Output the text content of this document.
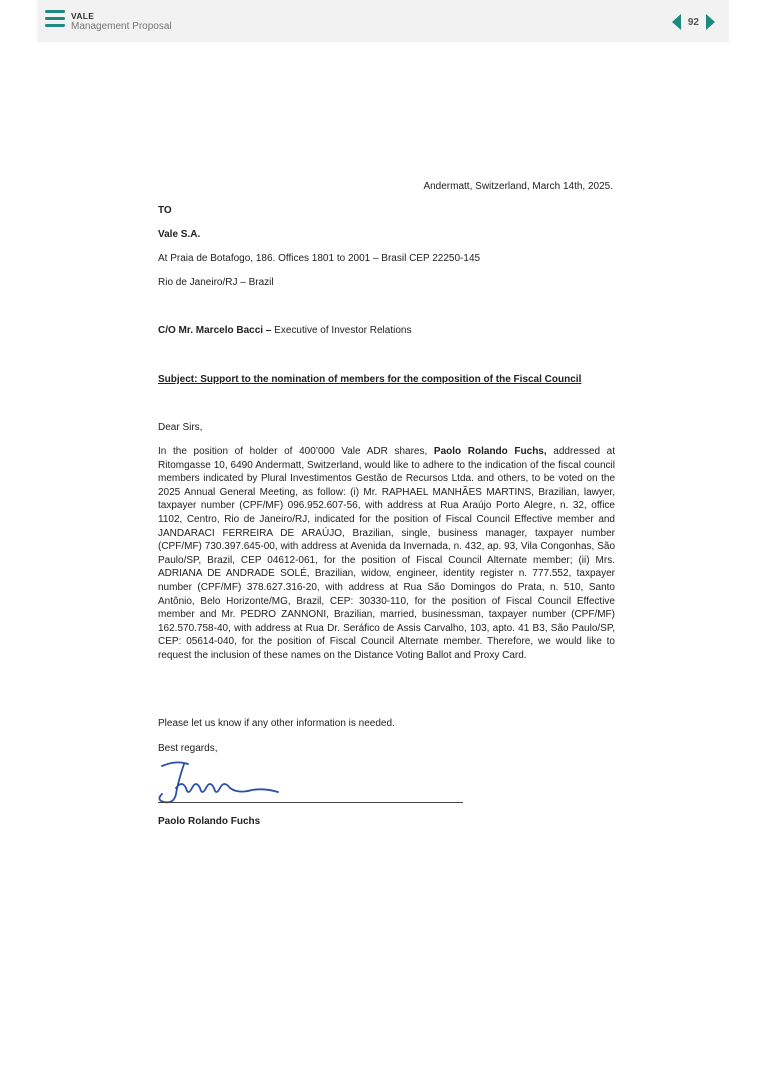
VALE
Management Proposal	92
Andermatt, Switzerland, March 14th, 2025.

TO

Vale S.A.

At Praia de Botafogo, 186. Offices 1801 to 2001 – Brasil CEP 22250-145

Rio de Janeiro/RJ – Brazil

C/O Mr. Marcelo Bacci – Executive of Investor Relations

Subject: Support to the nomination of members for the composition of the Fiscal Council

Dear Sirs,

In the position of holder of 400’000 Vale ADR shares, Paolo Rolando Fuchs, addressed at Ritomgasse 10, 6490 Andermatt, Switzerland, would like to adhere to the indication of the fiscal council members indicated by Plural Investimentos Gestão de Recursos Ltda. and others, to be voted on the 2025 Annual General Meeting, as follow: (i) Mr. RAPHAEL MANHÃES MARTINS, Brazilian, lawyer, taxpayer number (CPF/MF) 096.952.607-56, with address at Rua Araújo Porto Alegre, n. 32, office 1102, Centro, Rio de Janeiro/RJ, indicated for the position of Fiscal Council Effective member and JANDARACI FERREIRA DE ARAÚJO, Brazilian, single, business manager, taxpayer number (CPF/MF) 730.397.645-00, with address at Avenida da Invernada, n. 432, ap. 93, Vila Congonhas, São Paulo/SP, Brazil, CEP 04612-061, for the position of Fiscal Council Alternate member; (ii) Mrs. ADRIANA DE ANDRADE SOLÉ, Brazilian, widow, engineer, identity register n. 777.552, taxpayer number (CPF/MF) 378.627.316-20, with address at Rua São Domingos do Prata, n. 510, Santo Antônio, Belo Horizonte/MG, Brazil, CEP: 30330-110, for the position of Fiscal Council Effective member and Mr. PEDRO ZANNONI, Brazilian, married, businessman, taxpayer number (CPF/MF) 162.570.758-40, with address at Rua Dr. Seráfico de Assis Carvalho, 103, apto. 41 B3, São Paulo/SP, CEP: 05614-040, for the position of Fiscal Council Alternate member. Therefore, we would like to request the inclusion of these names on the Distance Voting Ballot and Proxy Card.

Please let us know if any other information is needed.

Best regards,

Paolo Rolando Fuchs
